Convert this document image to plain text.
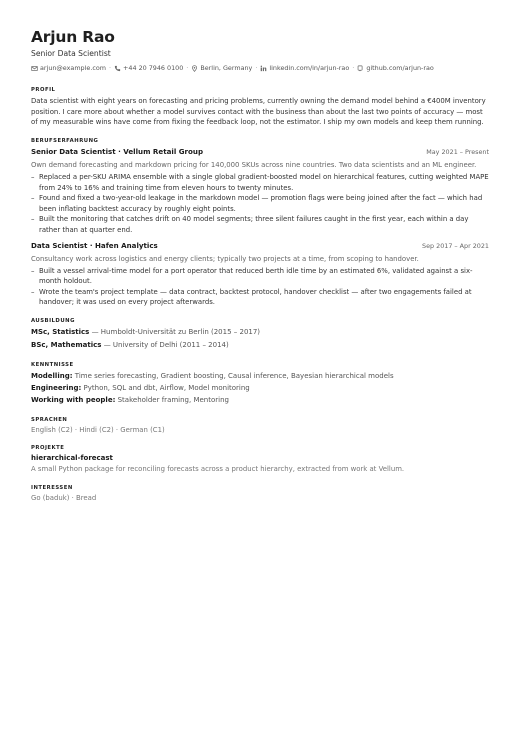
Arjun Rao
Senior Data Scientist
arjun@example.com · +44 20 7946 0100 · Berlin, Germany · linkedin.com/in/arjun-rao · github.com/arjun-rao
PROFIL
Data scientist with eight years on forecasting and pricing problems, currently owning the demand model behind a €400M inventory position. I care more about whether a model survives contact with the business than about the last two points of accuracy — most of my measurable wins have come from fixing the feedback loop, not the estimator. I ship my own models and keep them running.
BERUFSERFAHRUNG
Senior Data Scientist · Vellum Retail Group	May 2021 – Present
Own demand forecasting and markdown pricing for 140,000 SKUs across nine countries. Two data scientists and an ML engineer.
– Replaced a per-SKU ARIMA ensemble with a single global gradient-boosted model on hierarchical features, cutting weighted MAPE from 24% to 16% and training time from eleven hours to twenty minutes.
– Found and fixed a two-year-old leakage in the markdown model — promotion flags were being joined after the fact — which had been inflating backtest accuracy by roughly eight points.
– Built the monitoring that catches drift on 40 model segments; three silent failures caught in the first year, each within a day rather than at quarter end.
Data Scientist · Hafen Analytics	Sep 2017 – Apr 2021
Consultancy work across logistics and energy clients; typically two projects at a time, from scoping to handover.
– Built a vessel arrival-time model for a port operator that reduced berth idle time by an estimated 6%, validated against a six-month holdout.
– Wrote the team's project template — data contract, backtest protocol, handover checklist — after two engagements failed at handover; it was used on every project afterwards.
AUSBILDUNG
MSc, Statistics — Humboldt-Universität zu Berlin (2015 – 2017)
BSc, Mathematics — University of Delhi (2011 – 2014)
KENNTNISSE
Modelling: Time series forecasting, Gradient boosting, Causal inference, Bayesian hierarchical models
Engineering: Python, SQL and dbt, Airflow, Model monitoring
Working with people: Stakeholder framing, Mentoring
SPRACHEN
English (C2) · Hindi (C2) · German (C1)
PROJEKTE
hierarchical-forecast
A small Python package for reconciling forecasts across a product hierarchy, extracted from work at Vellum.
INTERESSEN
Go (baduk) · Bread
